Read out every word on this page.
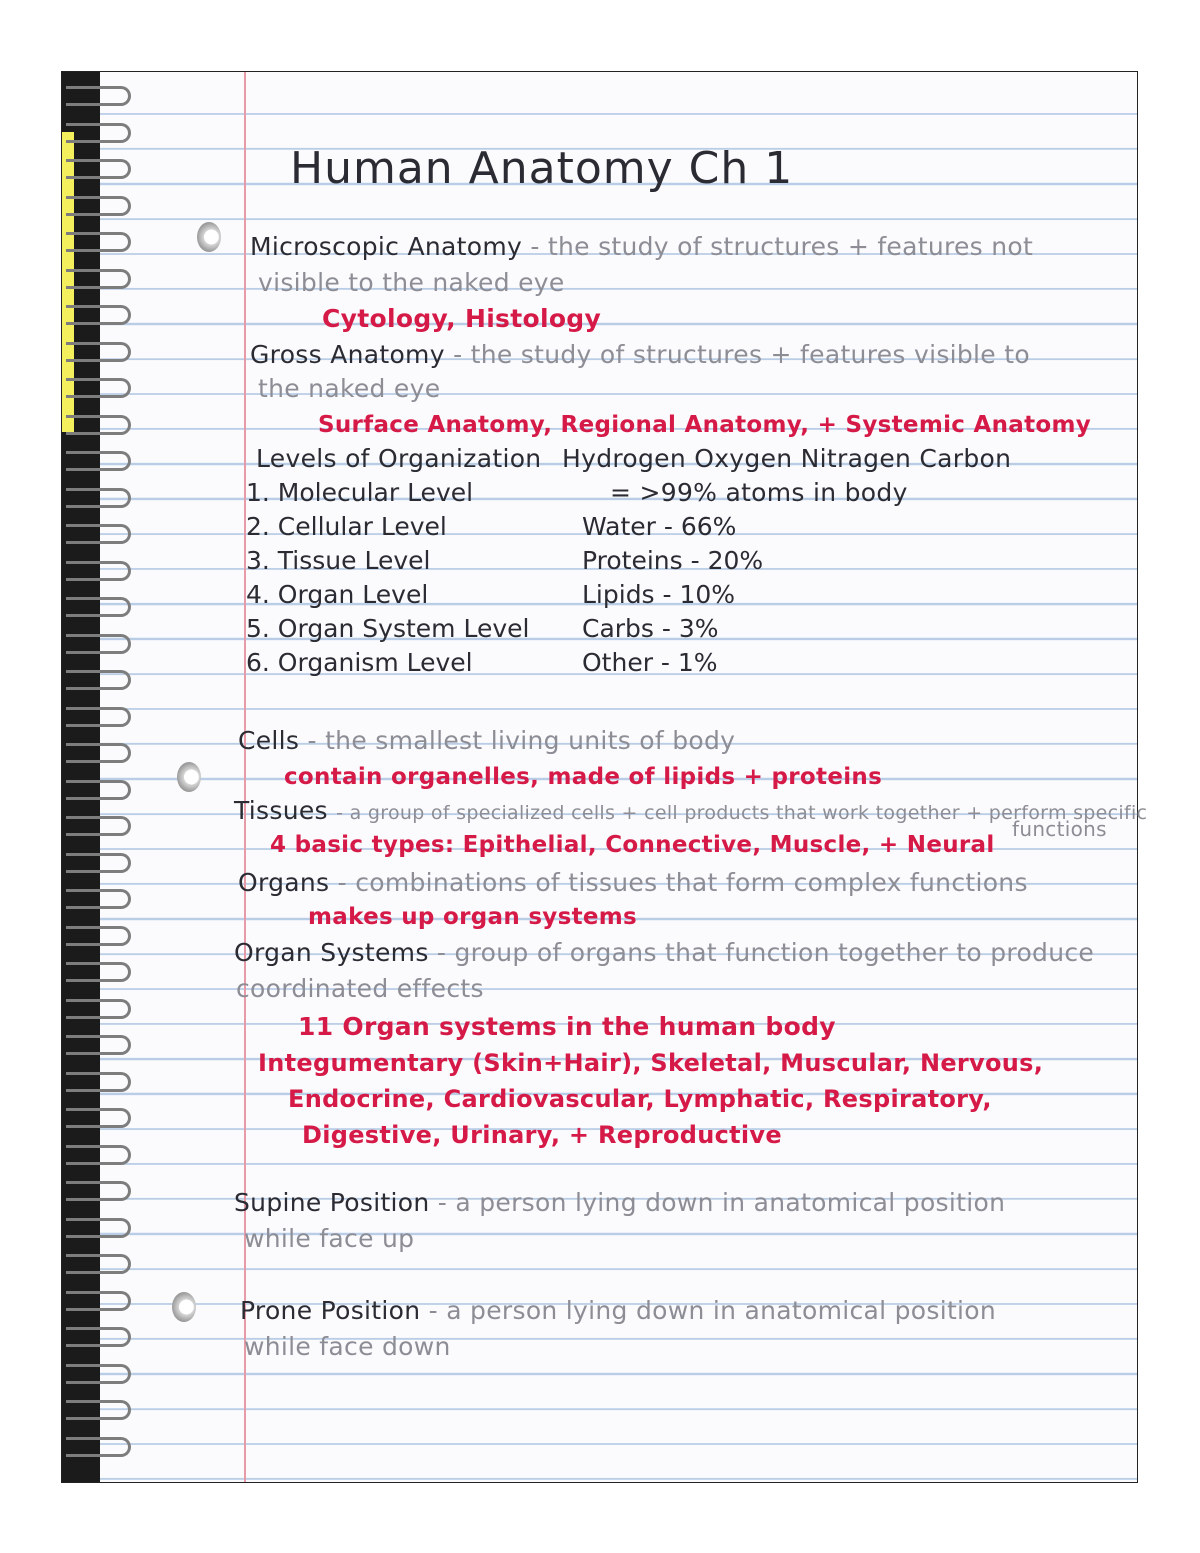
Human Anatomy Ch 1
Microscopic Anatomy - the study of structures + features not
visible to the naked eye
Cytology, Histology
Gross Anatomy - the study of structures + features visible to
the naked eye
Surface Anatomy, Regional Anatomy, + Systemic Anatomy
Levels of Organization Hydrogen Oxygen Nitragen Carbon
= >99% atoms in body
1. Molecular Level
2. Cellular Level
3. Tissue Level
4. Organ Level
5. Organ System Level
6. Organism Level
Water - 66%
Proteins - 20%
Lipids - 10%
Carbs - 3%
Other - 1%
Cells - the smallest living units of body
contain organelles, made of lipids + proteins
Tissues - a group of specialized cells + cell products that work together + perform specific
functions
4 basic types: Epithelial, Connective, Muscle, + Neural
Organs - combinations of tissues that form complex functions
makes up organ systems
Organ Systems - group of organs that function together to produce
coordinated effects
11 Organ systems in the human body
Integumentary (Skin+Hair), Skeletal, Muscular, Nervous,
Endocrine, Cardiovascular, Lymphatic, Respiratory,
Digestive, Urinary, + Reproductive
Supine Position - a person lying down in anatomical position
while face up
Prone Position - a person lying down in anatomical position
while face down
